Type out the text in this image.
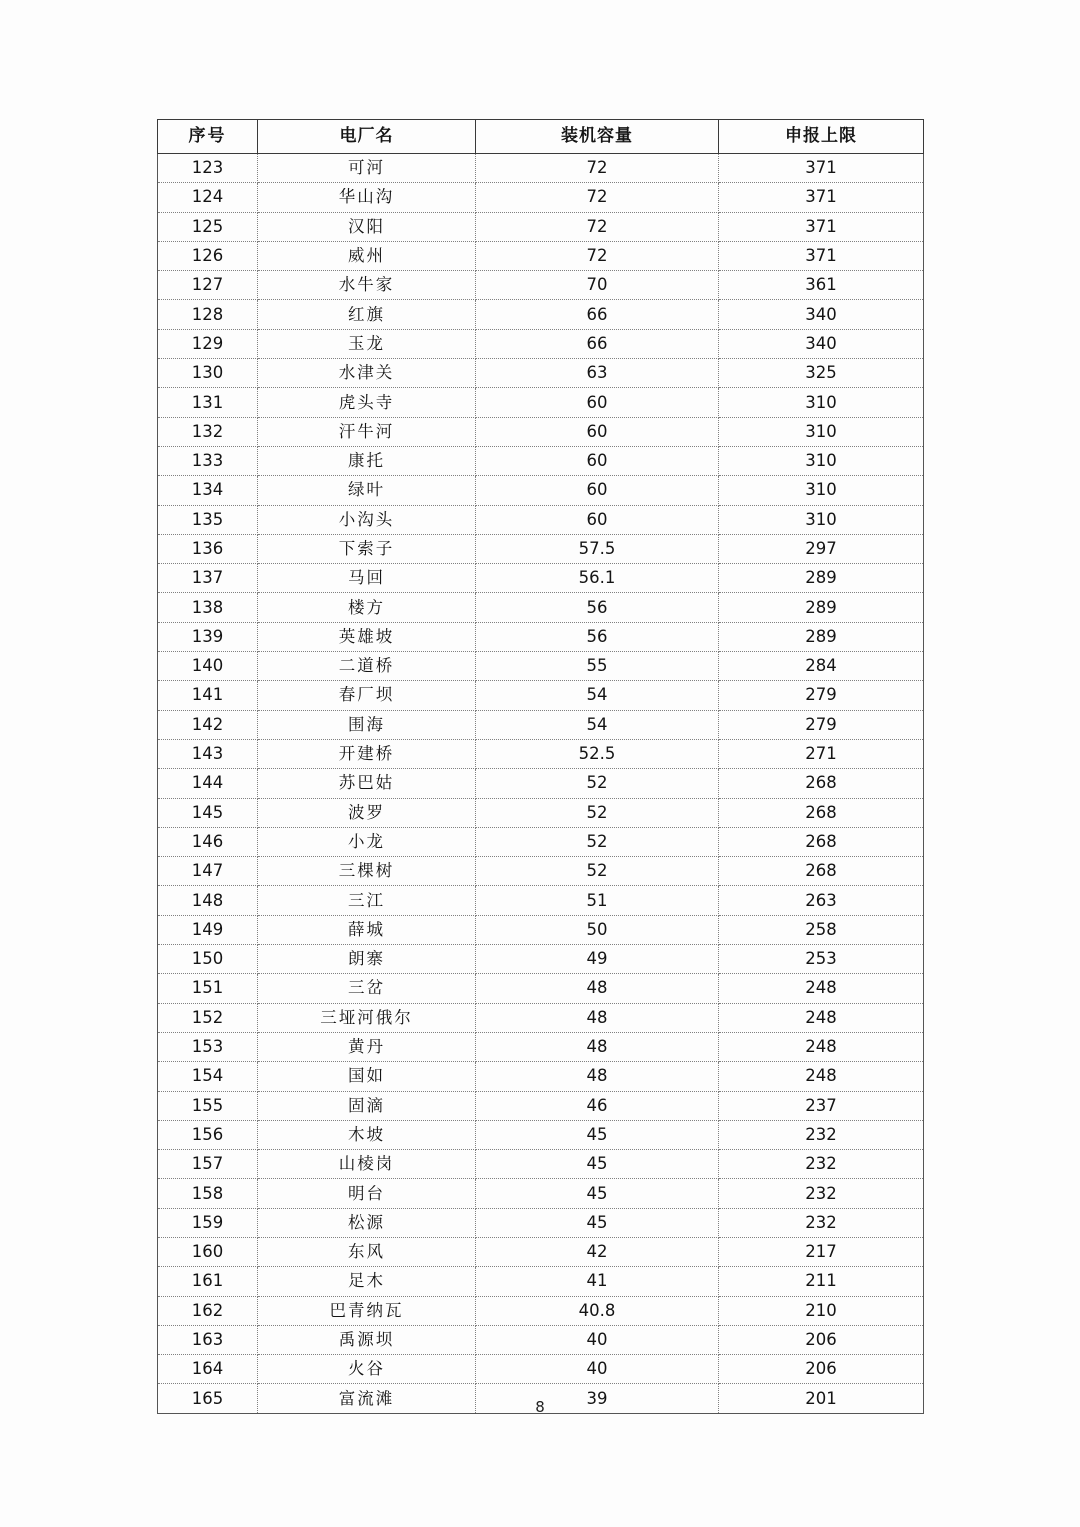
序号	电厂名	装机容量	申报上限
123	可河	72	371
124	华山沟	72	371
125	汉阳	72	371
126	威州	72	371
127	水牛家	70	361
128	红旗	66	340
129	玉龙	66	340
130	水津关	63	325
131	虎头寺	60	310
132	汗牛河	60	310
133	康托	60	310
134	绿叶	60	310
135	小沟头	60	310
136	下索子	57.5	297
137	马回	56.1	289
138	楼方	56	289
139	英雄坡	56	289
140	二道桥	55	284
141	春厂坝	54	279
142	围海	54	279
143	开建桥	52.5	271
144	苏巴姑	52	268
145	波罗	52	268
146	小龙	52	268
147	三棵树	52	268
148	三江	51	263
149	薛城	50	258
150	朗寨	49	253
151	三岔	48	248
152	三垭河俄尔	48	248
153	黄丹	48	248
154	国如	48	248
155	固滴	46	237
156	木坡	45	232
157	山棱岗	45	232
158	明台	45	232
159	松源	45	232
160	东风	42	217
161	足木	41	211
162	巴青纳瓦	40.8	210
163	禹源坝	40	206
164	火谷	40	206
165	富流滩	39	201
8
